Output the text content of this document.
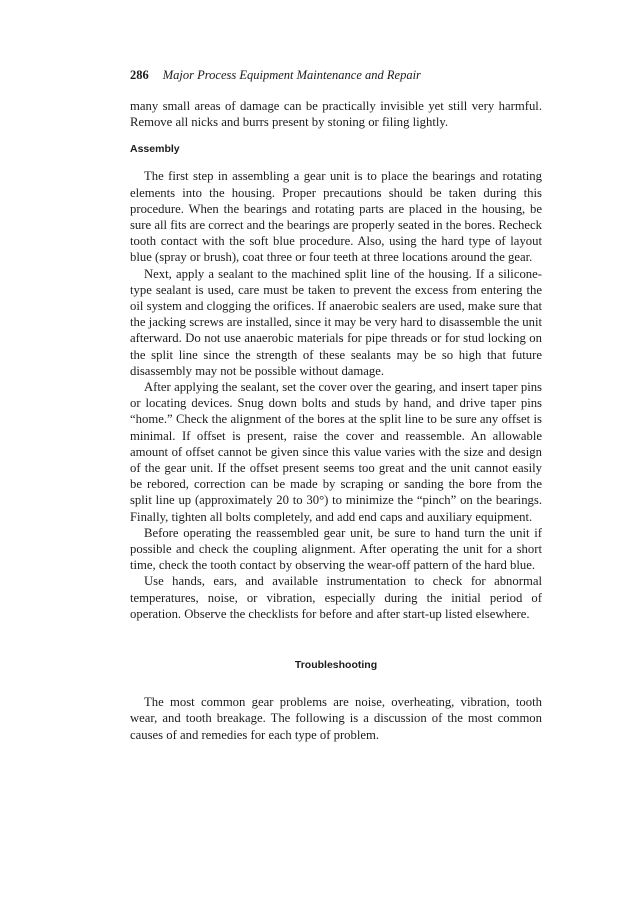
286 Major Process Equipment Maintenance and Repair

many small areas of damage can be practically invisible yet still very harmful. Remove all nicks and burrs present by stoning or filing lightly.

Assembly

The first step in assembling a gear unit is to place the bearings and rotating elements into the housing. Proper precautions should be taken during this procedure. When the bearings and rotating parts are placed in the housing, be sure all fits are correct and the bearings are properly seated in the bores. Recheck tooth contact with the soft blue procedure. Also, using the hard type of layout blue (spray or brush), coat three or four teeth at three locations around the gear.

Next, apply a sealant to the machined split line of the housing. If a silicone-type sealant is used, care must be taken to prevent the excess from entering the oil system and clogging the orifices. If anaerobic sealers are used, make sure that the jacking screws are installed, since it may be very hard to disassemble the unit afterward. Do not use anaerobic materials for pipe threads or for stud locking on the split line since the strength of these sealants may be so high that future disassembly may not be possible without damage.

After applying the sealant, set the cover over the gearing, and insert taper pins or locating devices. Snug down bolts and studs by hand, and drive taper pins “home.” Check the alignment of the bores at the split line to be sure any offset is minimal. If offset is present, raise the cover and reassemble. An allowable amount of offset cannot be given since this value varies with the size and design of the gear unit. If the offset present seems too great and the unit cannot easily be rebored, correction can be made by scraping or sanding the bore from the split line up (approximately 20 to 30°) to minimize the “pinch” on the bearings. Finally, tighten all bolts completely, and add end caps and auxiliary equipment.

Before operating the reassembled gear unit, be sure to hand turn the unit if possible and check the coupling alignment. After operating the unit for a short time, check the tooth contact by observing the wear-off pattern of the hard blue.

Use hands, ears, and available instrumentation to check for abnormal temperatures, noise, or vibration, especially during the initial period of operation. Observe the checklists for before and after start-up listed elsewhere.

Troubleshooting

The most common gear problems are noise, overheating, vibration, tooth wear, and tooth breakage. The following is a discussion of the most common causes of and remedies for each type of problem.
